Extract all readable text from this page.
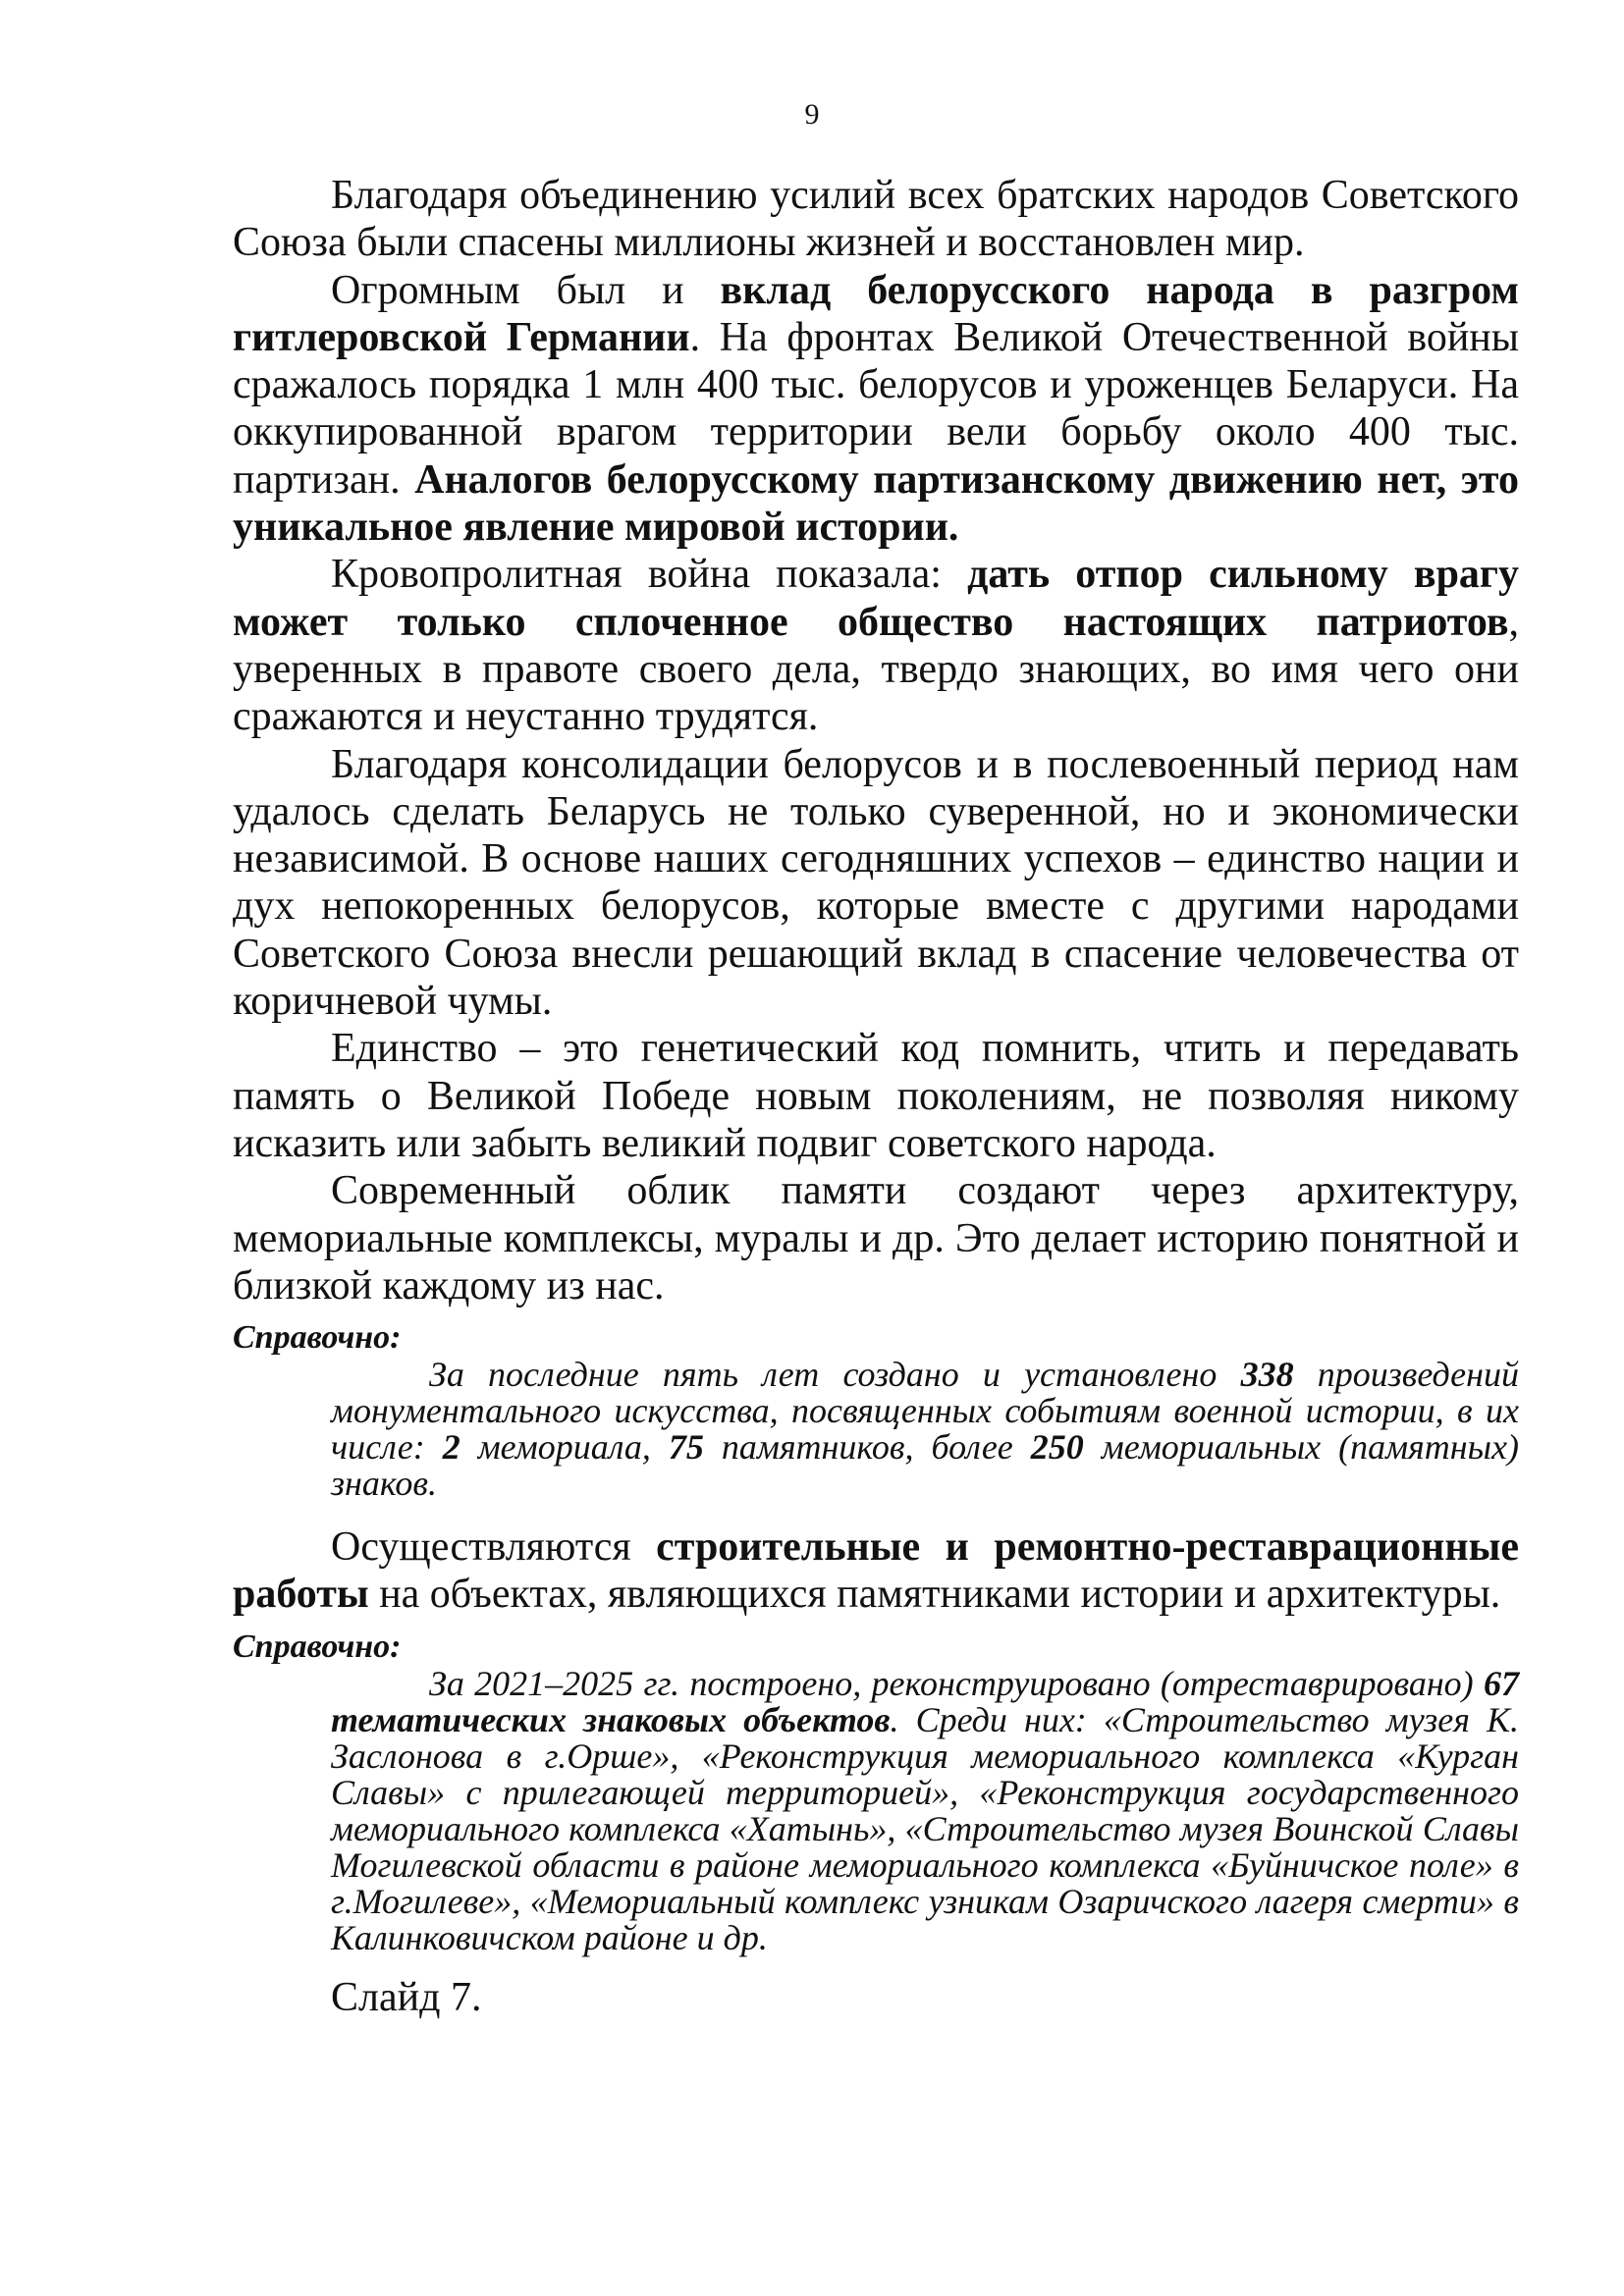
9

Благодаря объединению усилий всех братских народов Советского Союза были спасены миллионы жизней и восстановлен мир.

Огромным был и вклад белорусского народа в разгром гитлеровской Германии. На фронтах Великой Отечественной войны сражалось порядка 1 млн 400 тыс. белорусов и уроженцев Беларуси. На оккупированной врагом территории вели борьбу около 400 тыс. партизан. Аналогов белорусскому партизанскому движению нет, это уникальное явление мировой истории.

Кровопролитная война показала: дать отпор сильному врагу может только сплоченное общество настоящих патриотов, уверенных в правоте своего дела, твердо знающих, во имя чего они сражаются и неустанно трудятся.

Благодаря консолидации белорусов и в послевоенный период нам удалось сделать Беларусь не только суверенной, но и экономически независимой. В основе наших сегодняшних успехов – единство нации и дух непокоренных белорусов, которые вместе с другими народами Советского Союза внесли решающий вклад в спасение человечества от коричневой чумы.

Единство – это генетический код помнить, чтить и передавать память о Великой Победе новым поколениям, не позволяя никому исказить или забыть великий подвиг советского народа.

Современный облик памяти создают через архитектуру, мемориальные комплексы, муралы и др. Это делает историю понятной и близкой каждому из нас.

Справочно:

За последние пять лет создано и установлено 338 произведений монументального искусства, посвященных событиям военной истории, в их числе: 2 мемориала, 75 памятников, более 250 мемориальных (памятных) знаков.

Осуществляются строительные и ремонтно-реставрационные работы на объектах, являющихся памятниками истории и архитектуры.

Справочно:

За 2021–2025 гг. построено, реконструировано (отреставрировано) 67 тематических знаковых объектов. Среди них: «Строительство музея К. Заслонова в г.Орше», «Реконструкция мемориального комплекса «Курган Славы» с прилегающей территорией», «Реконструкция государственного мемориального комплекса «Хатынь», «Строительство музея Воинской Славы Могилевской области в районе мемориального комплекса «Буйничское поле» в г.Могилеве», «Мемориальный комплекс узникам Озаричского лагеря смерти» в Калинковичском районе и др.

Слайд 7.
